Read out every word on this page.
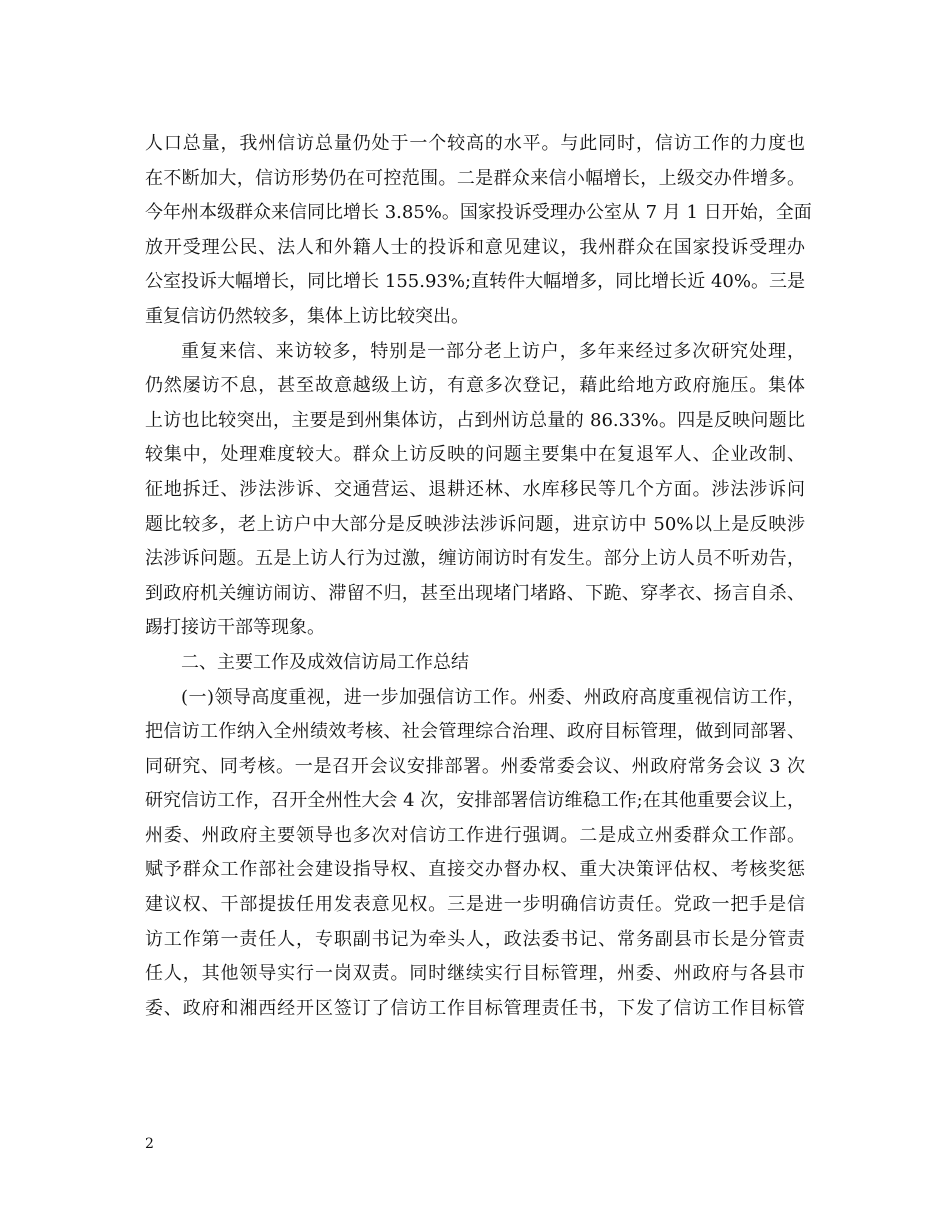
人口总量，我州信访总量仍处于一个较高的水平。与此同时，信访工作的力度也
在不断加大，信访形势仍在可控范围。二是群众来信小幅增长，上级交办件增多。
今年州本级群众来信同比增长 3.85%。国家投诉受理办公室从 7 月 1 日开始，全面
放开受理公民、法人和外籍人士的投诉和意见建议，我州群众在国家投诉受理办
公室投诉大幅增长，同比增长 155.93%;直转件大幅增多，同比增长近 40%。三是
重复信访仍然较多，集体上访比较突出。
重复来信、来访较多，特别是一部分老上访户，多年来经过多次研究处理，
仍然屡访不息，甚至故意越级上访，有意多次登记，藉此给地方政府施压。集体
上访也比较突出，主要是到州集体访，占到州访总量的 86.33%。四是反映问题比
较集中，处理难度较大。群众上访反映的问题主要集中在复退军人、企业改制、
征地拆迁、涉法涉诉、交通营运、退耕还林、水库移民等几个方面。涉法涉诉问
题比较多，老上访户中大部分是反映涉法涉诉问题，进京访中 50%以上是反映涉
法涉诉问题。五是上访人行为过激，缠访闹访时有发生。部分上访人员不听劝告，
到政府机关缠访闹访、滞留不归，甚至出现堵门堵路、下跪、穿孝衣、扬言自杀、
踢打接访干部等现象。
二、主要工作及成效信访局工作总结
(一)领导高度重视，进一步加强信访工作。州委、州政府高度重视信访工作，
把信访工作纳入全州绩效考核、社会管理综合治理、政府目标管理，做到同部署、
同研究、同考核。一是召开会议安排部署。州委常委会议、州政府常务会议 3 次
研究信访工作，召开全州性大会 4 次，安排部署信访维稳工作;在其他重要会议上，
州委、州政府主要领导也多次对信访工作进行强调。二是成立州委群众工作部。
赋予群众工作部社会建设指导权、直接交办督办权、重大决策评估权、考核奖惩
建议权、干部提拔任用发表意见权。三是进一步明确信访责任。党政一把手是信
访工作第一责任人，专职副书记为牵头人，政法委书记、常务副县市长是分管责
任人，其他领导实行一岗双责。同时继续实行目标管理，州委、州政府与各县市
委、政府和湘西经开区签订了信访工作目标管理责任书，下发了信访工作目标管
2
